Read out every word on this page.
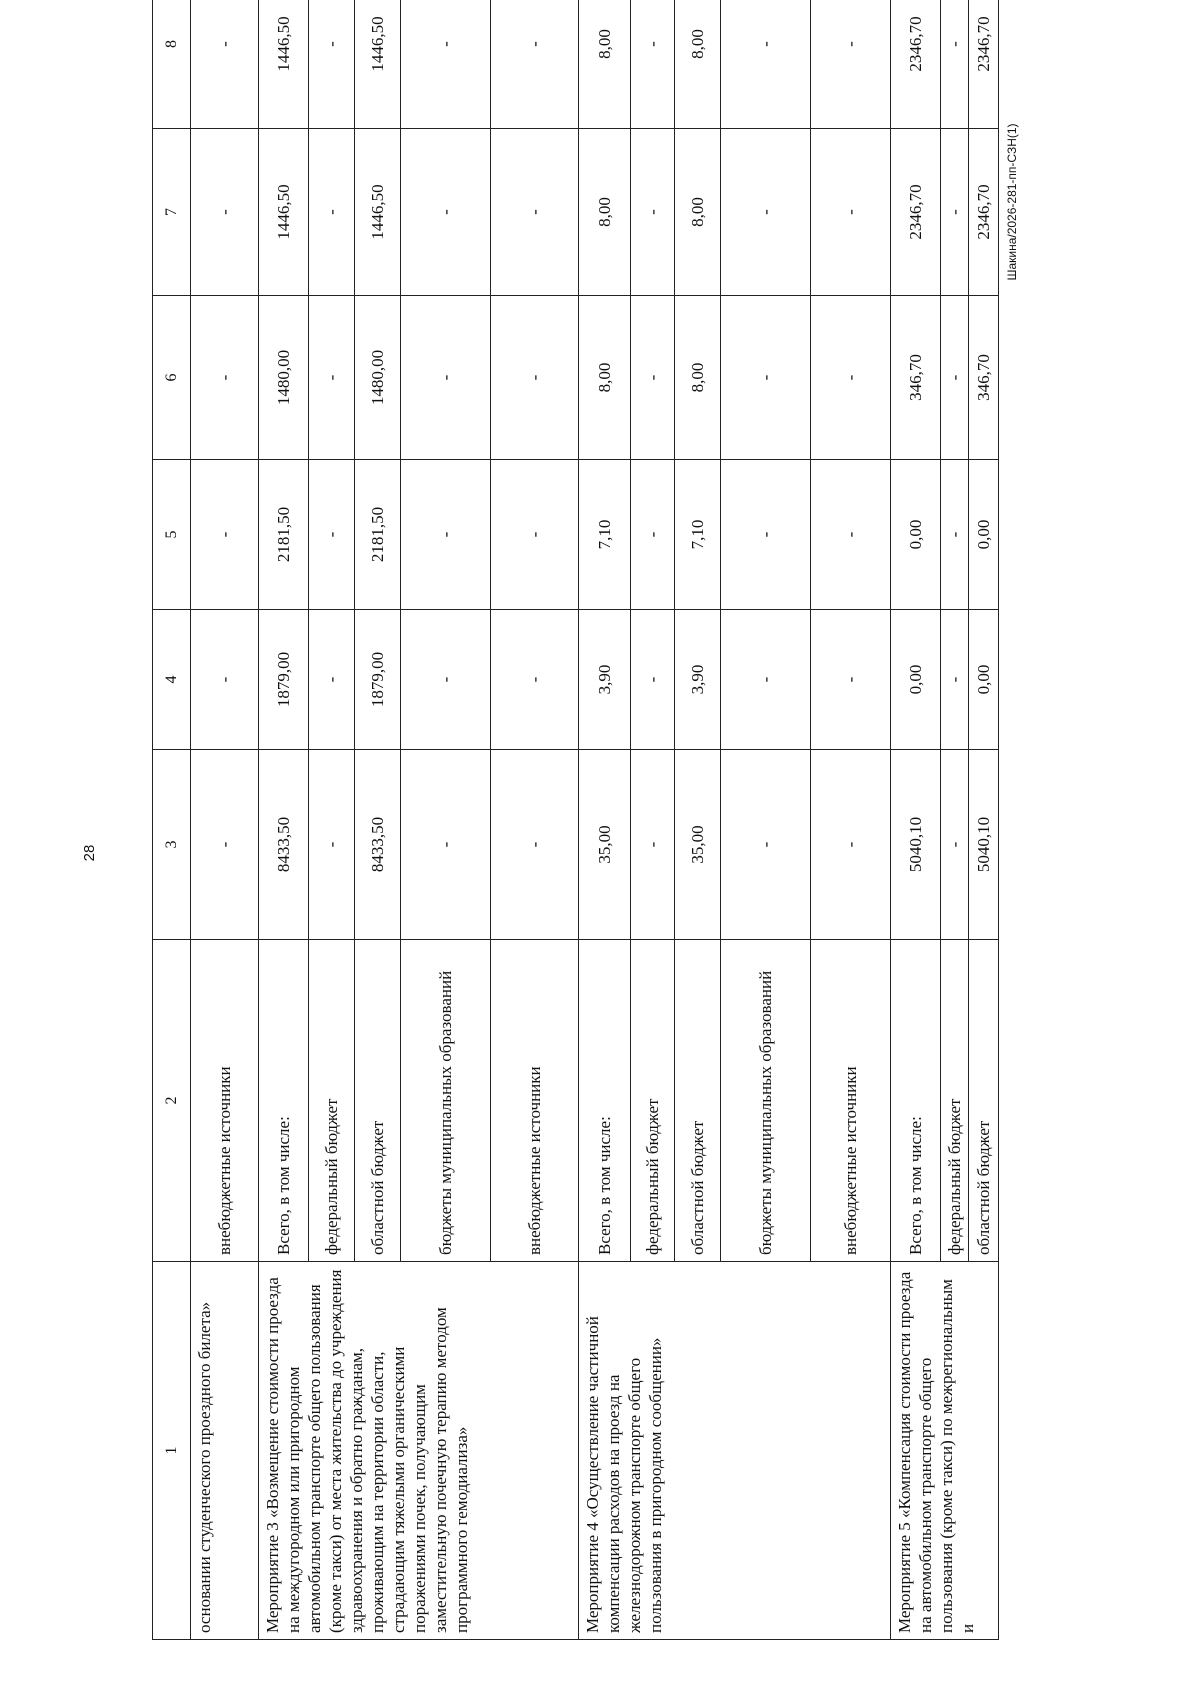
28
Шакина/2026-281-пп-СЗН(1)
1	2	3	4	5	6	7	8
основании студенческого проездного билета»	внебюджетные источники	-	-	-	-	-	-
Мероприятие 3 «Возмещение стоимости проезда на междугородном или пригородном автомобильном транспорте общего пользования (кроме такси) от места жительства до учреждения здравоохранения и обратно гражданам, проживающим на территории области, страдающим тяжелыми органическими поражениями почек, получающим заместительную почечную терапию методом программного гемодиализа»	Всего, в том числе:	8433,50	1879,00	2181,50	1480,00	1446,50	1446,50
	федеральный бюджет	-	-	-	-	-	-
	областной бюджет	8433,50	1879,00	2181,50	1480,00	1446,50	1446,50
	бюджеты муниципальных образований	-	-	-	-	-	-
	внебюджетные источники	-	-	-	-	-	-
Мероприятие 4 «Осуществление частичной компенсации расходов на проезд на железнодорожном транспорте общего пользования в пригородном сообщении»	Всего, в том числе:	35,00	3,90	7,10	8,00	8,00	8,00
	федеральный бюджет	-	-	-	-	-	-
	областной бюджет	35,00	3,90	7,10	8,00	8,00	8,00
	бюджеты муниципальных образований	-	-	-	-	-	-
	внебюджетные источники	-	-	-	-	-	-
Мероприятие 5 «Компенсация стоимости проезда на автомобильном транспорте общего пользования (кроме такси) по межрегиональным и	Всего, в том числе:	5040,10	0,00	0,00	346,70	2346,70	2346,70
	федеральный бюджет	-	-	-	-	-	-
	областной бюджет	5040,10	0,00	0,00	346,70	2346,70	2346,70
